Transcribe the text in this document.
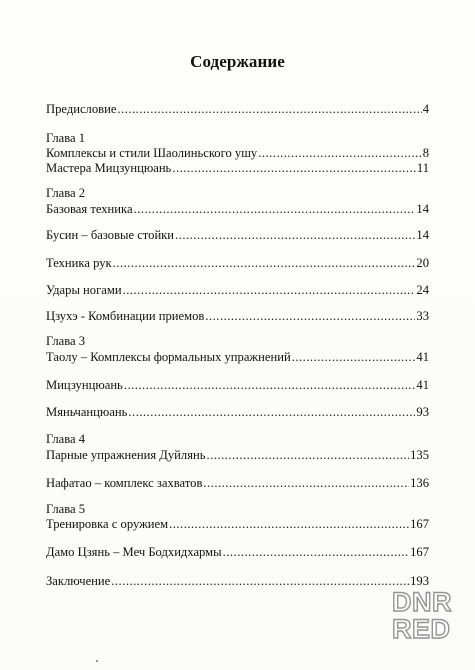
Содержание
Предисловие .....	4
Глава 1
Комплексы и стили Шаолиньского ушу .....	8
Мастера Мицзунцюань .....	11
Глава 2
Базовая техника .....	14
Бусин – базовые стойки .....	14
Техника рук .....	20
Удары ногами .....	24
Цзухэ - Комбинации приемов .....	33
Глава 3
Таолу – Комплексы формальных упражнений .....	41
Мицзунцюань .....	41
Мяньчанцюань .....	93
Глава 4
Парные упражнения Дуйлянь .....	135
Нафатао – комплекс захватов .....	136
Глава 5
Тренировка с оружием .....	167
Дамо Цзянь – Меч Бодхидхармы .....	167
Заключение .....	193
DNR
RED
